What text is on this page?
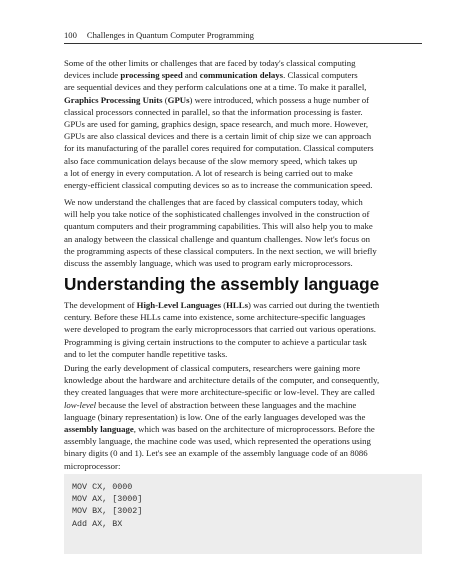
100 Challenges in Quantum Computer Programming

Some of the other limits or challenges that are faced by today's classical computing
devices include processing speed and communication delays. Classical computers
are sequential devices and they perform calculations one at a time. To make it parallel,
Graphics Processing Units (GPUs) were introduced, which possess a huge number of
classical processors connected in parallel, so that the information processing is faster.
GPUs are used for gaming, graphics design, space research, and much more. However,
GPUs are also classical devices and there is a certain limit of chip size we can approach
for its manufacturing of the parallel cores required for computation. Classical computers
also face communication delays because of the slow memory speed, which takes up
a lot of energy in every computation. A lot of research is being carried out to make
energy-efficient classical computing devices so as to increase the communication speed.

We now understand the challenges that are faced by classical computers today, which
will help you take notice of the sophisticated challenges involved in the construction of
quantum computers and their programming capabilities. This will also help you to make
an analogy between the classical challenge and quantum challenges. Now let's focus on
the programming aspects of these classical computers. In the next section, we will briefly
discuss the assembly language, which was used to program early microprocessors.

Understanding the assembly language

The development of High-Level Languages (HLLs) was carried out during the twentieth
century. Before these HLLs came into existence, some architecture-specific languages
were developed to program the early microprocessors that carried out various operations.
Programming is giving certain instructions to the computer to achieve a particular task
and to let the computer handle repetitive tasks.

During the early development of classical computers, researchers were gaining more
knowledge about the hardware and architecture details of the computer, and consequently,
they created languages that were more architecture-specific or low-level. They are called
low-level because the level of abstraction between these languages and the machine
language (binary representation) is low. One of the early languages developed was the
assembly language, which was based on the architecture of microprocessors. Before the
assembly language, the machine code was used, which represented the operations using
binary digits (0 and 1). Let's see an example of the assembly language code of an 8086
microprocessor:

MOV CX, 0000
MOV AX, [3000]
MOV BX, [3002]
Add AX, BX
